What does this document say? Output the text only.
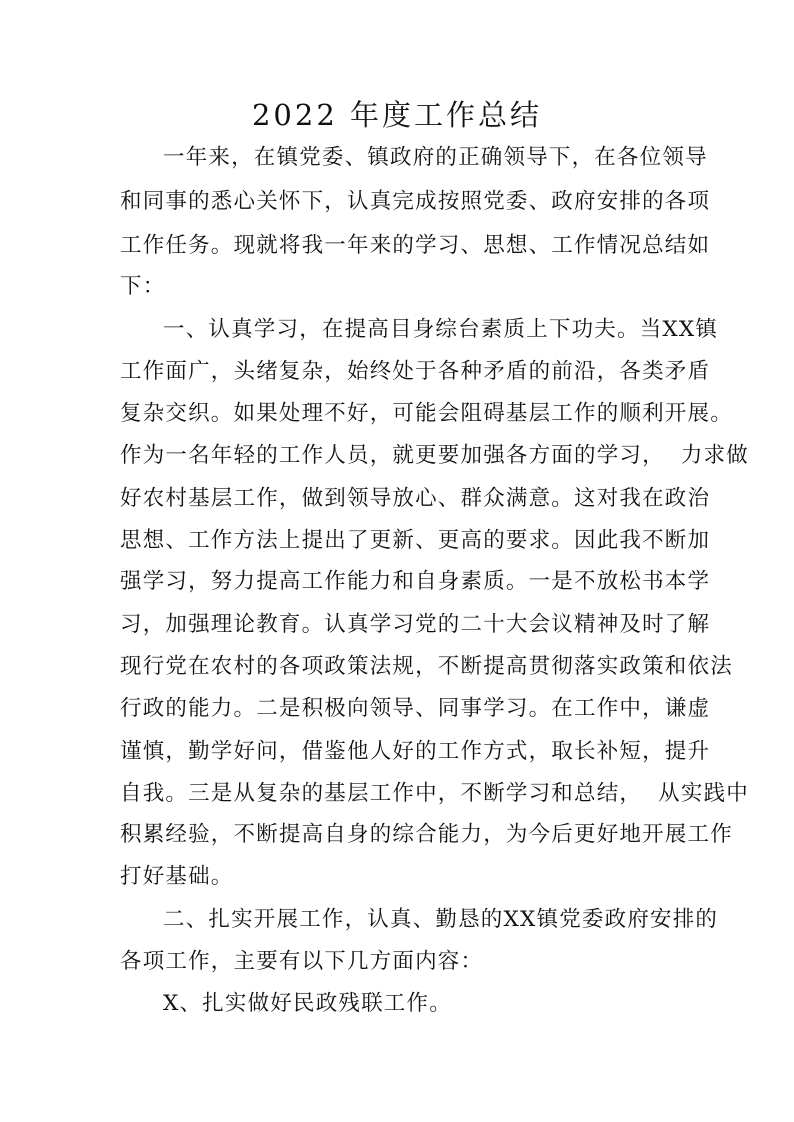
2022 年度工作总结
一年来，在镇党委、镇政府的正确领导下，在各位领导
和同事的悉心关怀下，认真完成按照党委、政府安排的各项
工作任务。现就将我一年来的学习、思想、工作情况总结如
下：
一、认真学习，在提高目身综台素质上下功夫。当XX镇
工作面广，头绪复杂，始终处于各种矛盾的前沿，各类矛盾
复杂交织。如果处理不好，可能会阻碍基层工作的顺利开展。
作为一名年轻的工作人员，就更要加强各方面的学习，  力求做
好农村基层工作，做到领导放心、群众满意。这对我在政治
思想、工作方法上提出了更新、更高的要求。因此我不断加
强学习，努力提高工作能力和自身素质。一是不放松书本学
习，加强理论教育。认真学习党的二十大会议精神及时了解
现行党在农村的各项政策法规，不断提高贯彻落实政策和依法
行政的能力。二是积极向领导、同事学习。在工作中，谦虚
谨慎，勤学好问，借鉴他人好的工作方式，取长补短，提升
自我。三是从复杂的基层工作中，不断学习和总结，  从实践中
积累经验，不断提高自身的综合能力，为今后更好地开展工作
打好基础。
二、扎实开展工作，认真、勤恳的XX镇党委政府安排的
各项工作，主要有以下几方面内容：
X、扎实做好民政残联工作。
